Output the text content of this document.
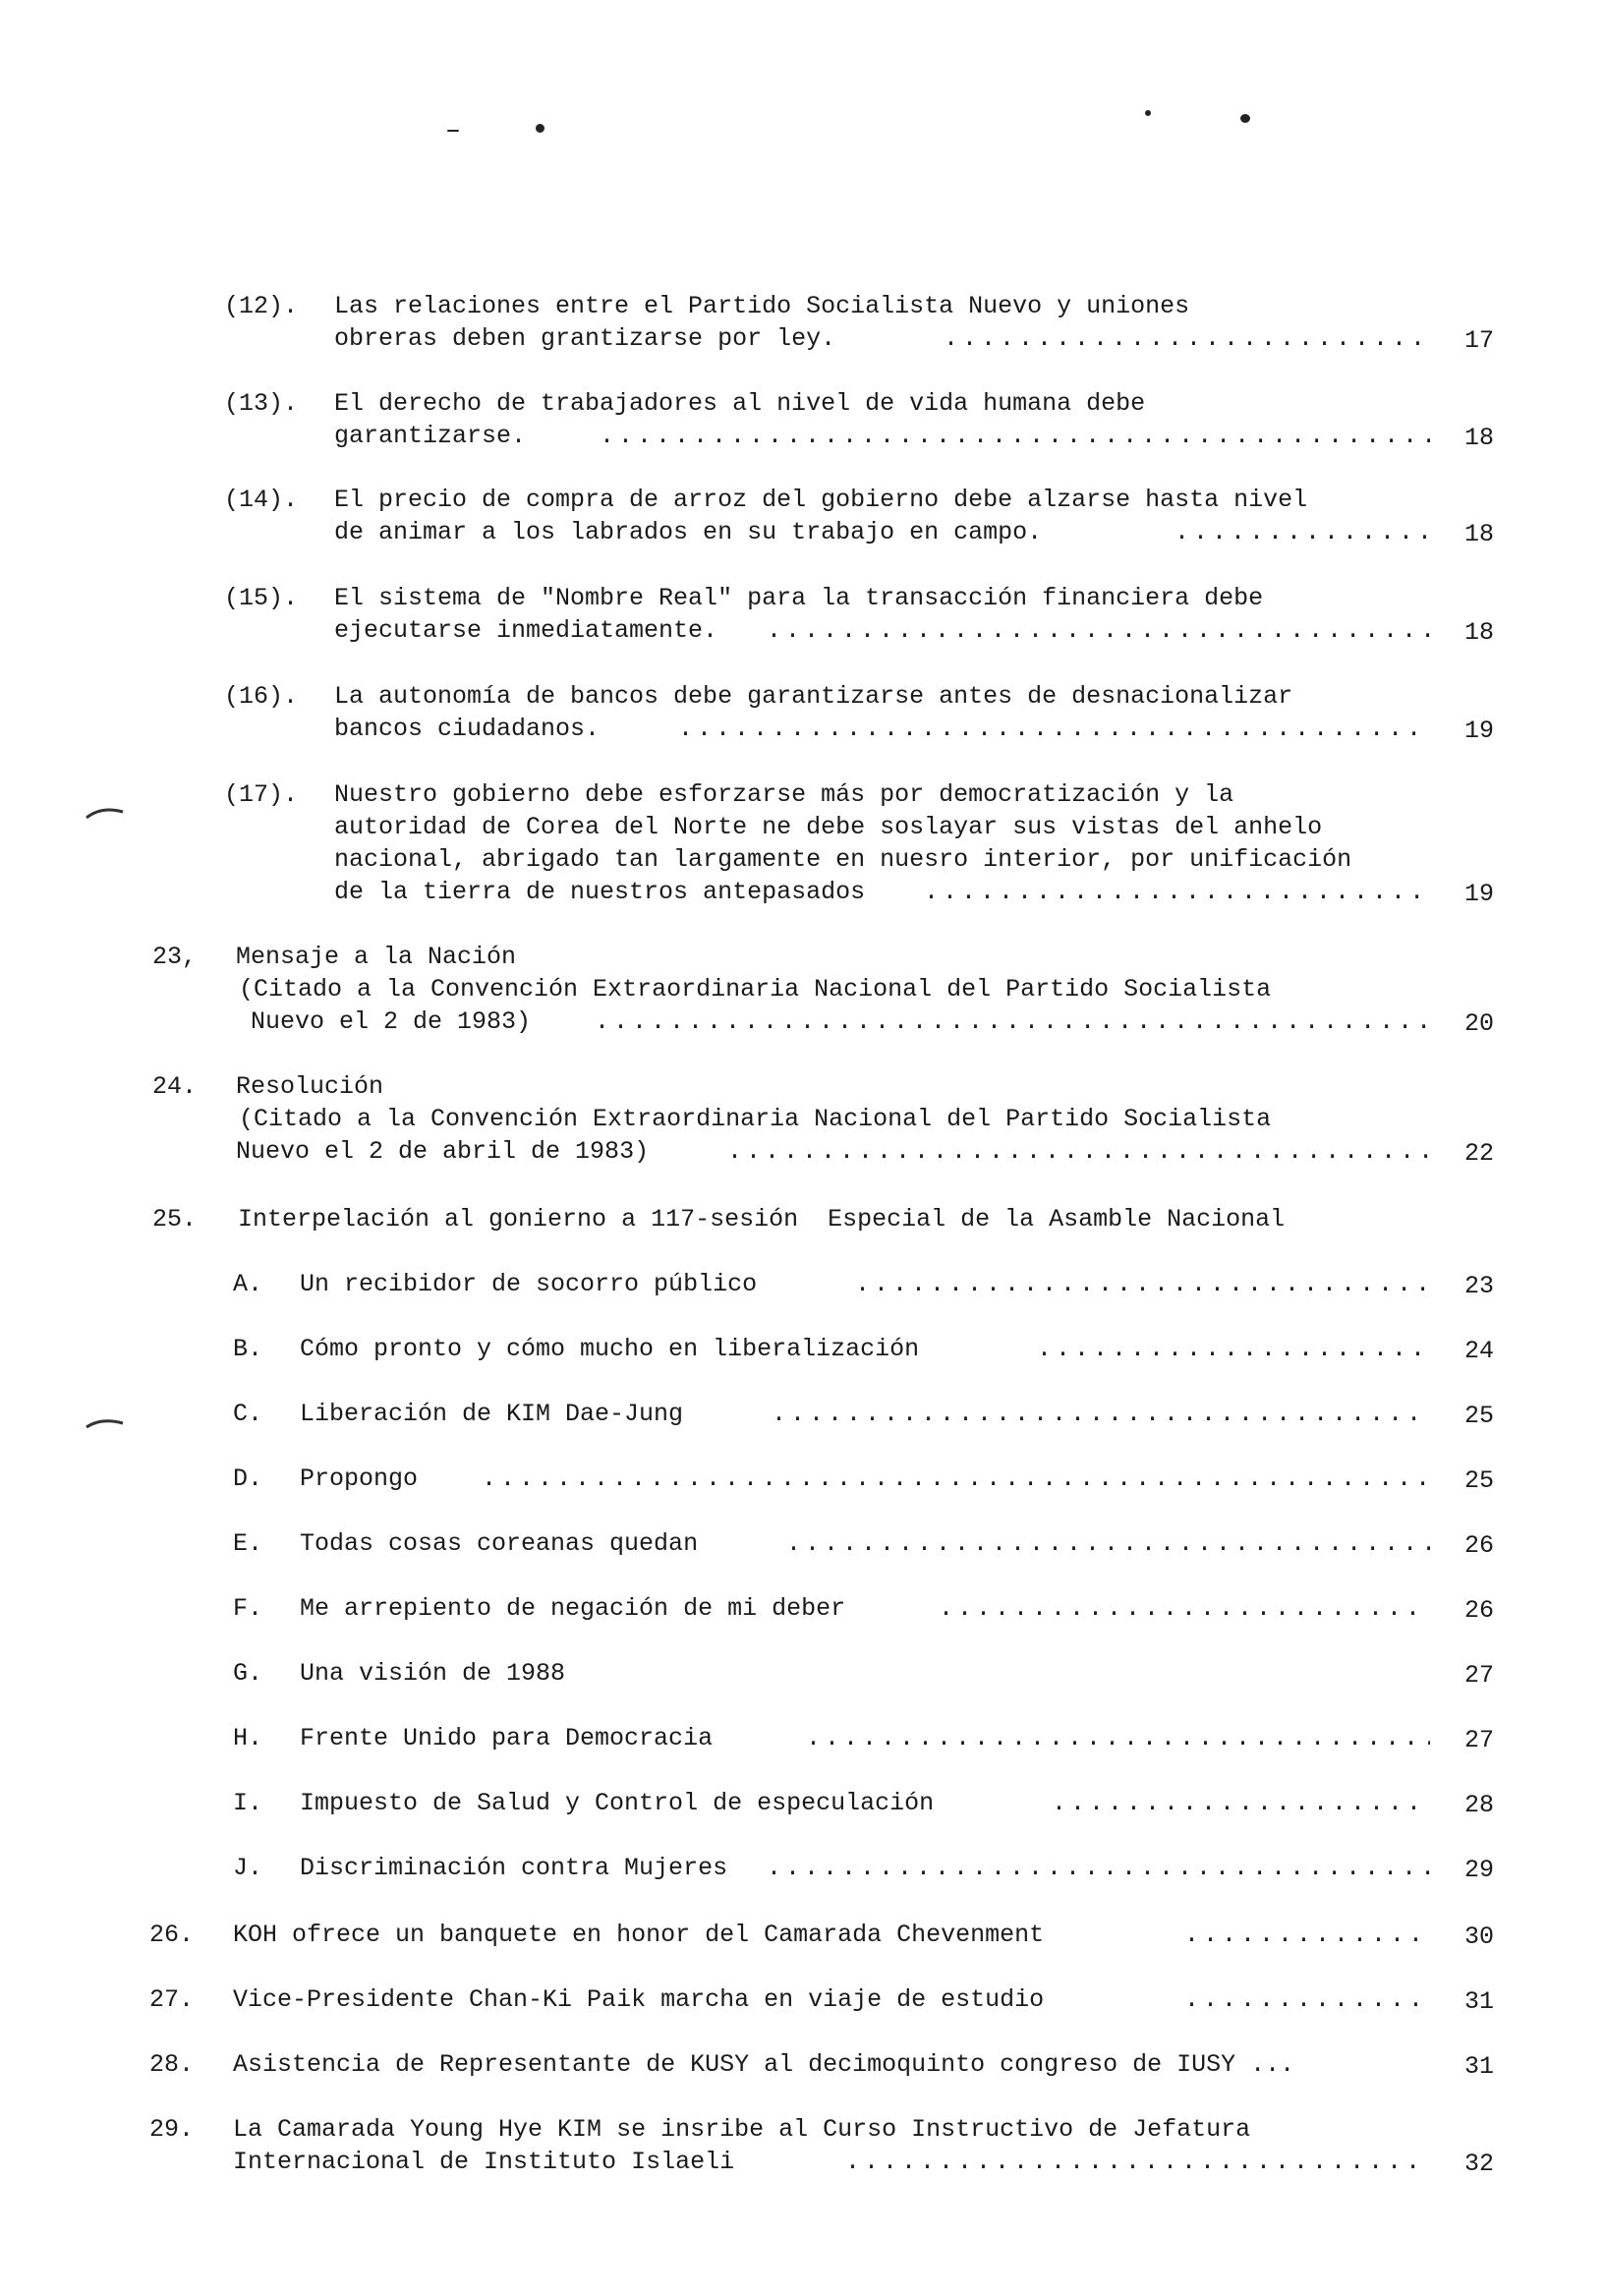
(12). Las relaciones entre el Partido Socialista Nuevo y uniones
obreras deben grantizarse por ley. .....	17
(13). El derecho de trabajadores al nivel de vida humana debe
garantizarse. .....	18
(14). El precio de compra de arroz del gobierno debe alzarse hasta nivel
de animar a los labrados en su trabajo en campo. .....	18
(15). El sistema de "Nombre Real" para la transacción financiera debe
ejecutarse inmediatamente. .....	18
(16). La autonomía de bancos debe garantizarse antes de desnacionalizar
bancos ciudadanos. .....	19
(17). Nuestro gobierno debe esforzarse más por democratización y la
autoridad de Corea del Norte ne debe soslayar sus vistas del anhelo
nacional, abrigado tan largamente en nuesro interior, por unificación
de la tierra de nuestros antepasados .....	19
23, Mensaje a la Nación
(Citado a la Convención Extraordinaria Nacional del Partido Socialista
Nuevo el 2 de 1983) .....	20
24. Resolución
(Citado a la Convención Extraordinaria Nacional del Partido Socialista
Nuevo el 2 de abril de 1983) .....	22
25. Interpelación al gonierno a 117-sesión  Especial de la Asamble Nacional
A. Un recibidor de socorro público .....	23
B. Cómo pronto y cómo mucho en liberalización .....	24
C. Liberación de KIM Dae-Jung .....	25
D. Propongo .....	25
E. Todas cosas coreanas quedan .....	26
F. Me arrepiento de negación de mi deber .....	26
G. Una visión de 1988	27
H. Frente Unido para Democracia .....	27
I. Impuesto de Salud y Control de especulación .....	28
J. Discriminación contra Mujeres .....	29
26. KOH ofrece un banquete en honor del Camarada Chevenment .....	30
27. Vice-Presidente Chan-Ki Paik marcha en viaje de estudio .....	31
28. Asistencia de Representante de KUSY al decimoquinto congreso de IUSY ...	31
29. La Camarada Young Hye KIM se insribe al Curso Instructivo de Jefatura
Internacional de Instituto Islaeli .....	32
